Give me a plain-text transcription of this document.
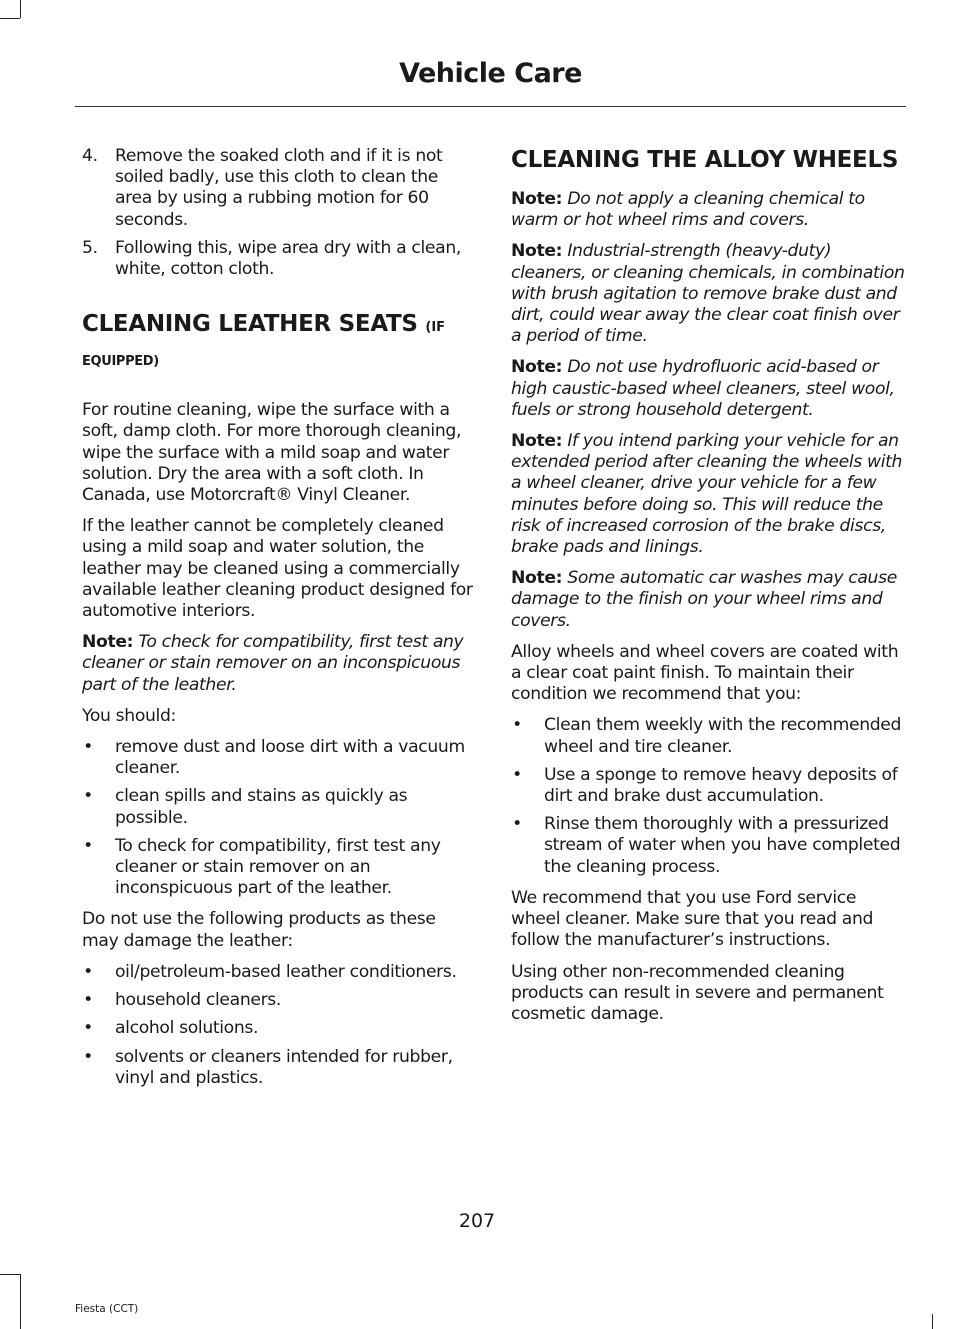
Vehicle Care
4. Remove the soaked cloth and if it is not soiled badly, use this cloth to clean the area by using a rubbing motion for 60 seconds.
5. Following this, wipe area dry with a clean, white, cotton cloth.
CLEANING LEATHER SEATS (IF
EQUIPPED)

For routine cleaning, wipe the surface with a soft, damp cloth. For more thorough cleaning, wipe the surface with a mild soap and water solution. Dry the area with a soft cloth. In Canada, use Motorcraft® Vinyl Cleaner.

If the leather cannot be completely cleaned using a mild soap and water solution, the leather may be cleaned using a commercially available leather cleaning product designed for automotive interiors.

Note: To check for compatibility, first test any cleaner or stain remover on an inconspicuous part of the leather.

You should:

• remove dust and loose dirt with a vacuum cleaner.
• clean spills and stains as quickly as possible.
• To check for compatibility, first test any cleaner or stain remover on an inconspicuous part of the leather.

Do not use the following products as these may damage the leather:

• oil/petroleum-based leather conditioners.
• household cleaners.
• alcohol solutions.
• solvents or cleaners intended for rubber, vinyl and plastics.
CLEANING THE ALLOY WHEELS

Note: Do not apply a cleaning chemical to warm or hot wheel rims and covers.

Note: Industrial-strength (heavy-duty) cleaners, or cleaning chemicals, in combination with brush agitation to remove brake dust and dirt, could wear away the clear coat finish over a period of time.

Note: Do not use hydrofluoric acid-based or high caustic-based wheel cleaners, steel wool, fuels or strong household detergent.

Note: If you intend parking your vehicle for an extended period after cleaning the wheels with a wheel cleaner, drive your vehicle for a few minutes before doing so. This will reduce the risk of increased corrosion of the brake discs, brake pads and linings.

Note: Some automatic car washes may cause damage to the finish on your wheel rims and covers.

Alloy wheels and wheel covers are coated with a clear coat paint finish. To maintain their condition we recommend that you:

• Clean them weekly with the recommended wheel and tire cleaner.
• Use a sponge to remove heavy deposits of dirt and brake dust accumulation.
• Rinse them thoroughly with a pressurized stream of water when you have completed the cleaning process.

We recommend that you use Ford service wheel cleaner. Make sure that you read and follow the manufacturer’s instructions.

Using other non-recommended cleaning products can result in severe and permanent cosmetic damage.

207
Fiesta (CCT)
